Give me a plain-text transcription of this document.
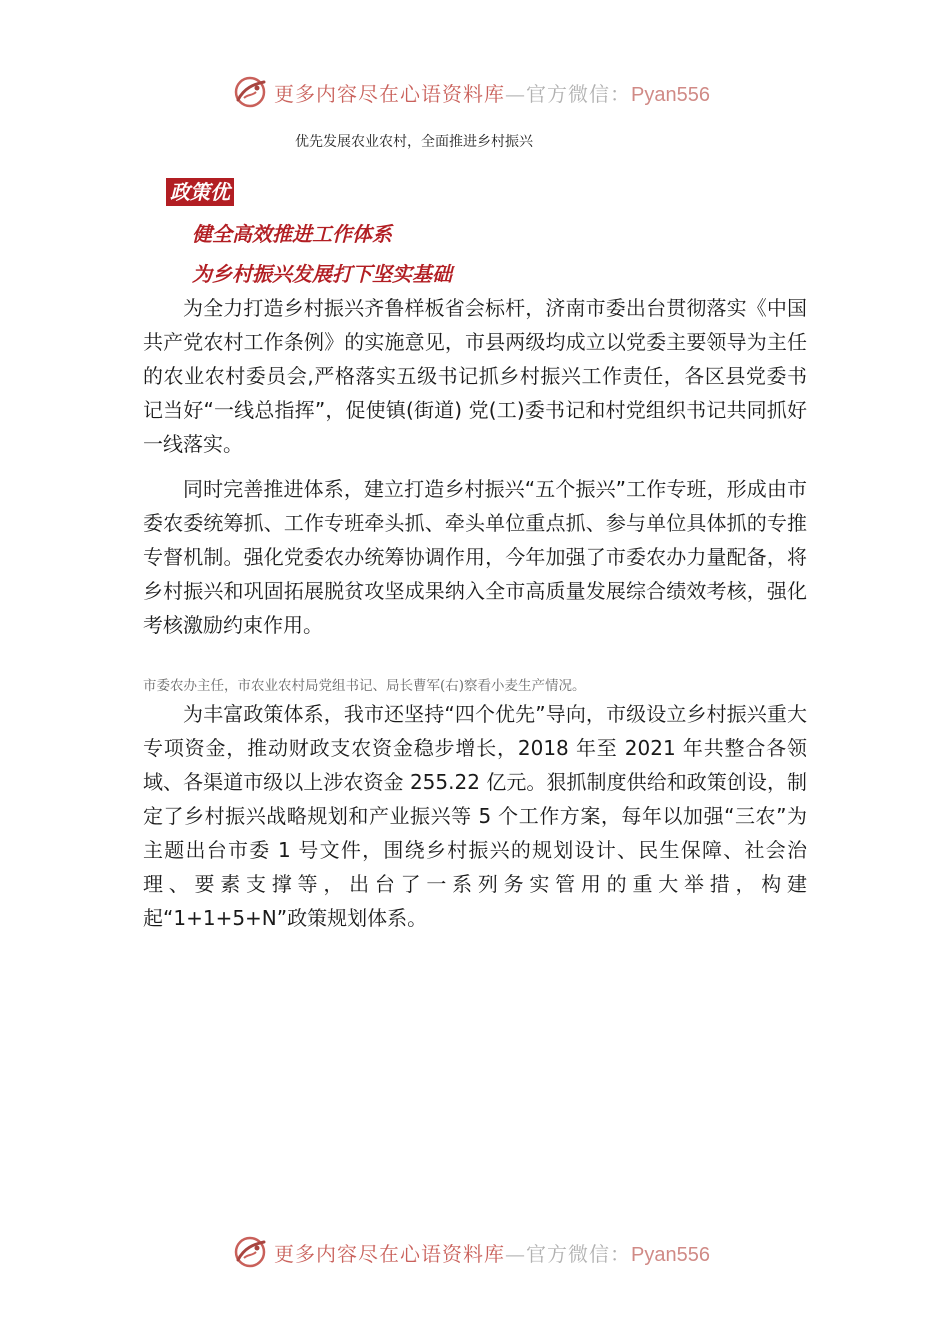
更多内容尽在心语资料库—官方微信：Pyan556
优先发展农业农村，全面推进乡村振兴
政策优
健全高效推进工作体系
为乡村振兴发展打下坚实基础

为全力打造乡村振兴齐鲁样板省会标杆，济南市委出台贯彻落实《中国共产党农村工作条例》的实施意见，市县两级均成立以党委主要领导为主任的农业农村委员会,严格落实五级书记抓乡村振兴工作责任，各区县党委书记当好“一线总指挥”，促使镇(街道) 党(工)委书记和村党组织书记共同抓好一线落实。

同时完善推进体系，建立打造乡村振兴“五个振兴”工作专班，形成由市委农委统筹抓、工作专班牵头抓、牵头单位重点抓、参与单位具体抓的专推专督机制。强化党委农办统筹协调作用，今年加强了市委农办力量配备，将乡村振兴和巩固拓展脱贫攻坚成果纳入全市高质量发展综合绩效考核，强化考核激励约束作用。

市委农办主任，市农业农村局党组书记、局长曹军(右)察看小麦生产情况。

为丰富政策体系，我市还坚持“四个优先”导向，市级设立乡村振兴重大专项资金，推动财政支农资金稳步增长，2018 年至 2021 年共整合各领域、各渠道市级以上涉农资金 255.22 亿元。狠抓制度供给和政策创设，制定了乡村振兴战略规划和产业振兴等 5 个工作方案，每年以加强“三农”为主题出台市委 1 号文件，围绕乡村振兴的规划设计、民生保障、社会治理、要素支撑等，出台了一系列务实管用的重大举措，构建起“1+1+5+N”政策规划体系。

更多内容尽在心语资料库—官方微信：Pyan556
